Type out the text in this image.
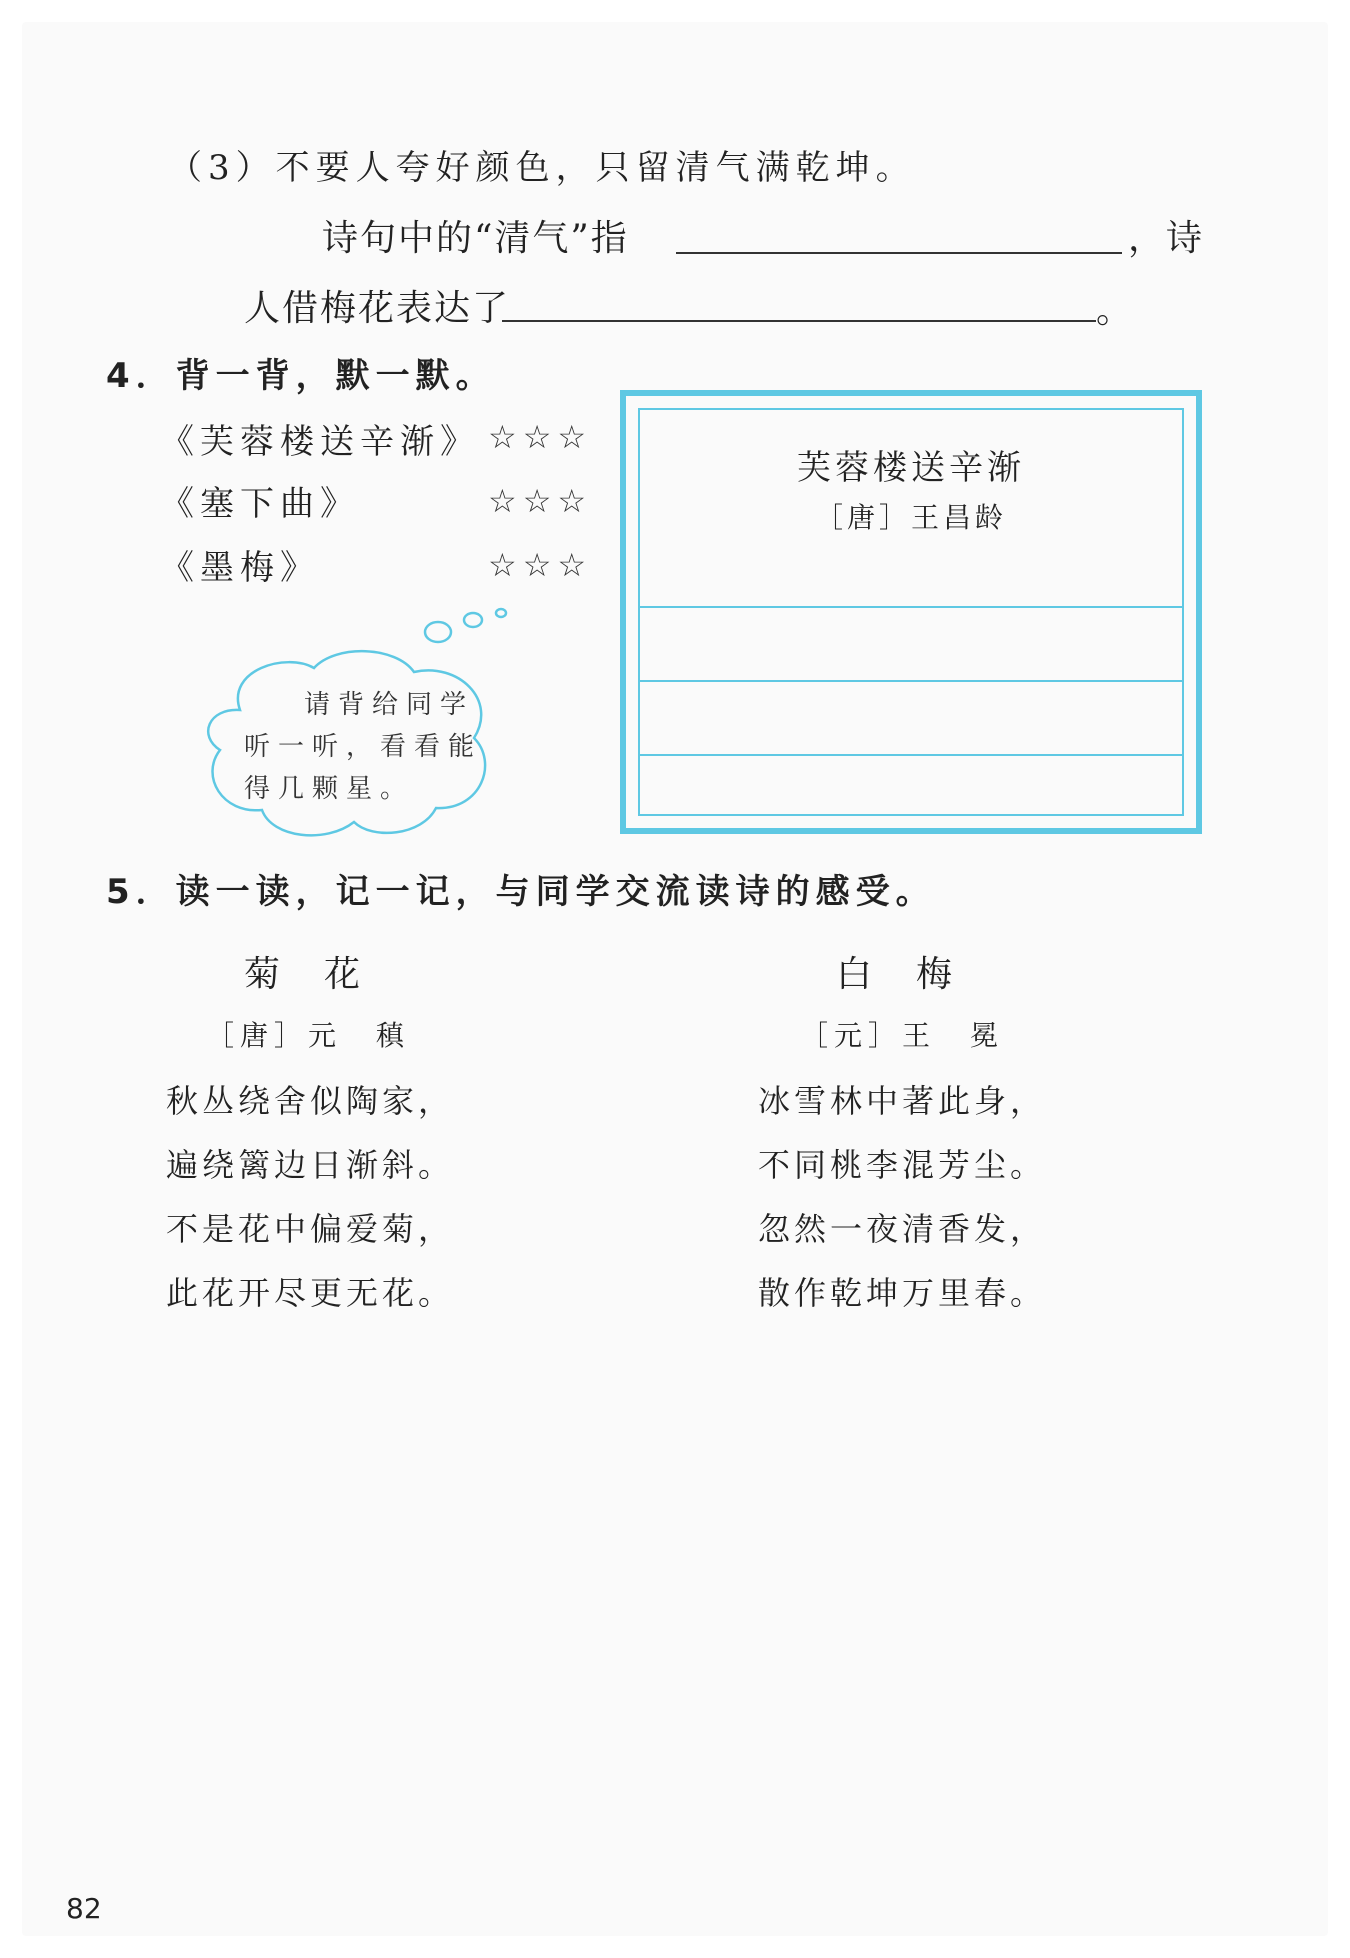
（3）不要人夸好颜色，只留清气满乾坤。
诗句中的“清气”指	，诗
人借梅花表达了	。
4．背一背，默一默。
《芙蓉楼送辛渐》 ☆☆☆
《塞下曲》	☆☆☆
《墨梅》	☆☆☆
请背给同学
听一听，看看能
得几颗星。
芙蓉楼送辛渐
［唐］王昌龄
5．读一读，记一记，与同学交流读诗的感受。
菊　花
［唐］元　稹
秋丛绕舍似陶家，
遍绕篱边日渐斜。
不是花中偏爱菊，
此花开尽更无花。
白　梅
［元］王　冕
冰雪林中著此身，
不同桃李混芳尘。
忽然一夜清香发，
散作乾坤万里春。
82
